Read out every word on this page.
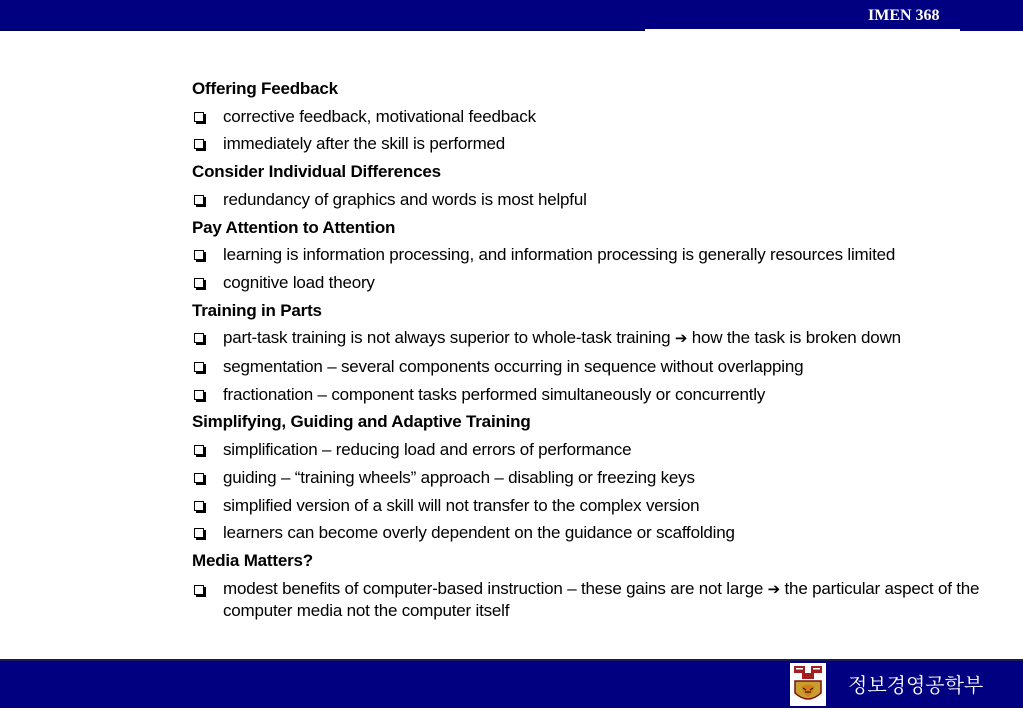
IMEN 368
Offering Feedback
corrective feedback, motivational feedback
immediately after the skill is performed
Consider Individual Differences
redundancy of graphics and words is most helpful
Pay Attention to Attention
learning is information processing, and information processing is generally resources limited
cognitive load theory
Training in Parts
part-task training is not always superior to whole-task training ➔ how the task is broken down
segmentation – several components occurring in sequence without overlapping
fractionation – component tasks performed simultaneously or concurrently
Simplifying, Guiding and Adaptive Training
simplification – reducing load and errors of performance
guiding – “training wheels” approach – disabling or freezing keys
simplified version of a skill will not transfer to the complex version
learners can become overly dependent on the guidance or scaffolding
Media Matters?
modest benefits of computer-based instruction – these gains are not large ➔ the particular aspect of the computer media not the computer itself
정보경영공학부
